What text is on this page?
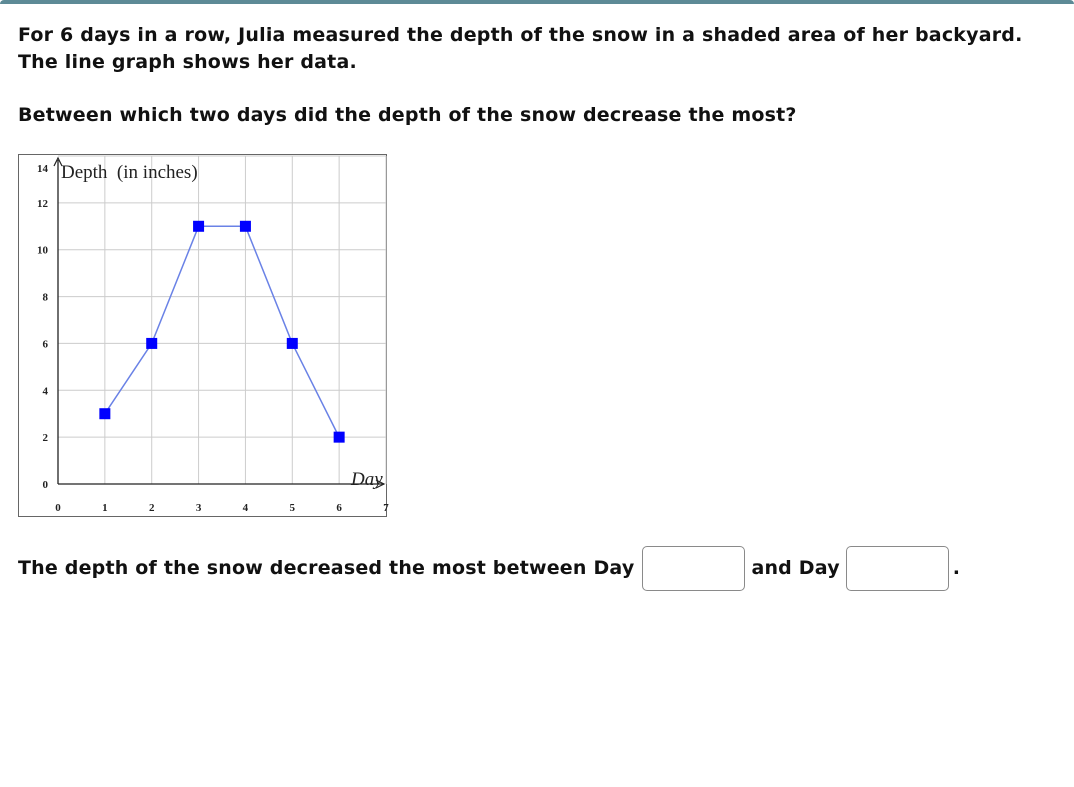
For 6 days in a row, Julia measured the depth of the snow in a shaded area of her backyard.

The line graph shows her data.

Between which two days did the depth of the snow decrease the most?
0
2
4
6
8
10
12
14
0	1	2	3	4	5	6	7
Depth  (in inches)
Day
The depth of the snow decreased the most between Day	and Day	.
